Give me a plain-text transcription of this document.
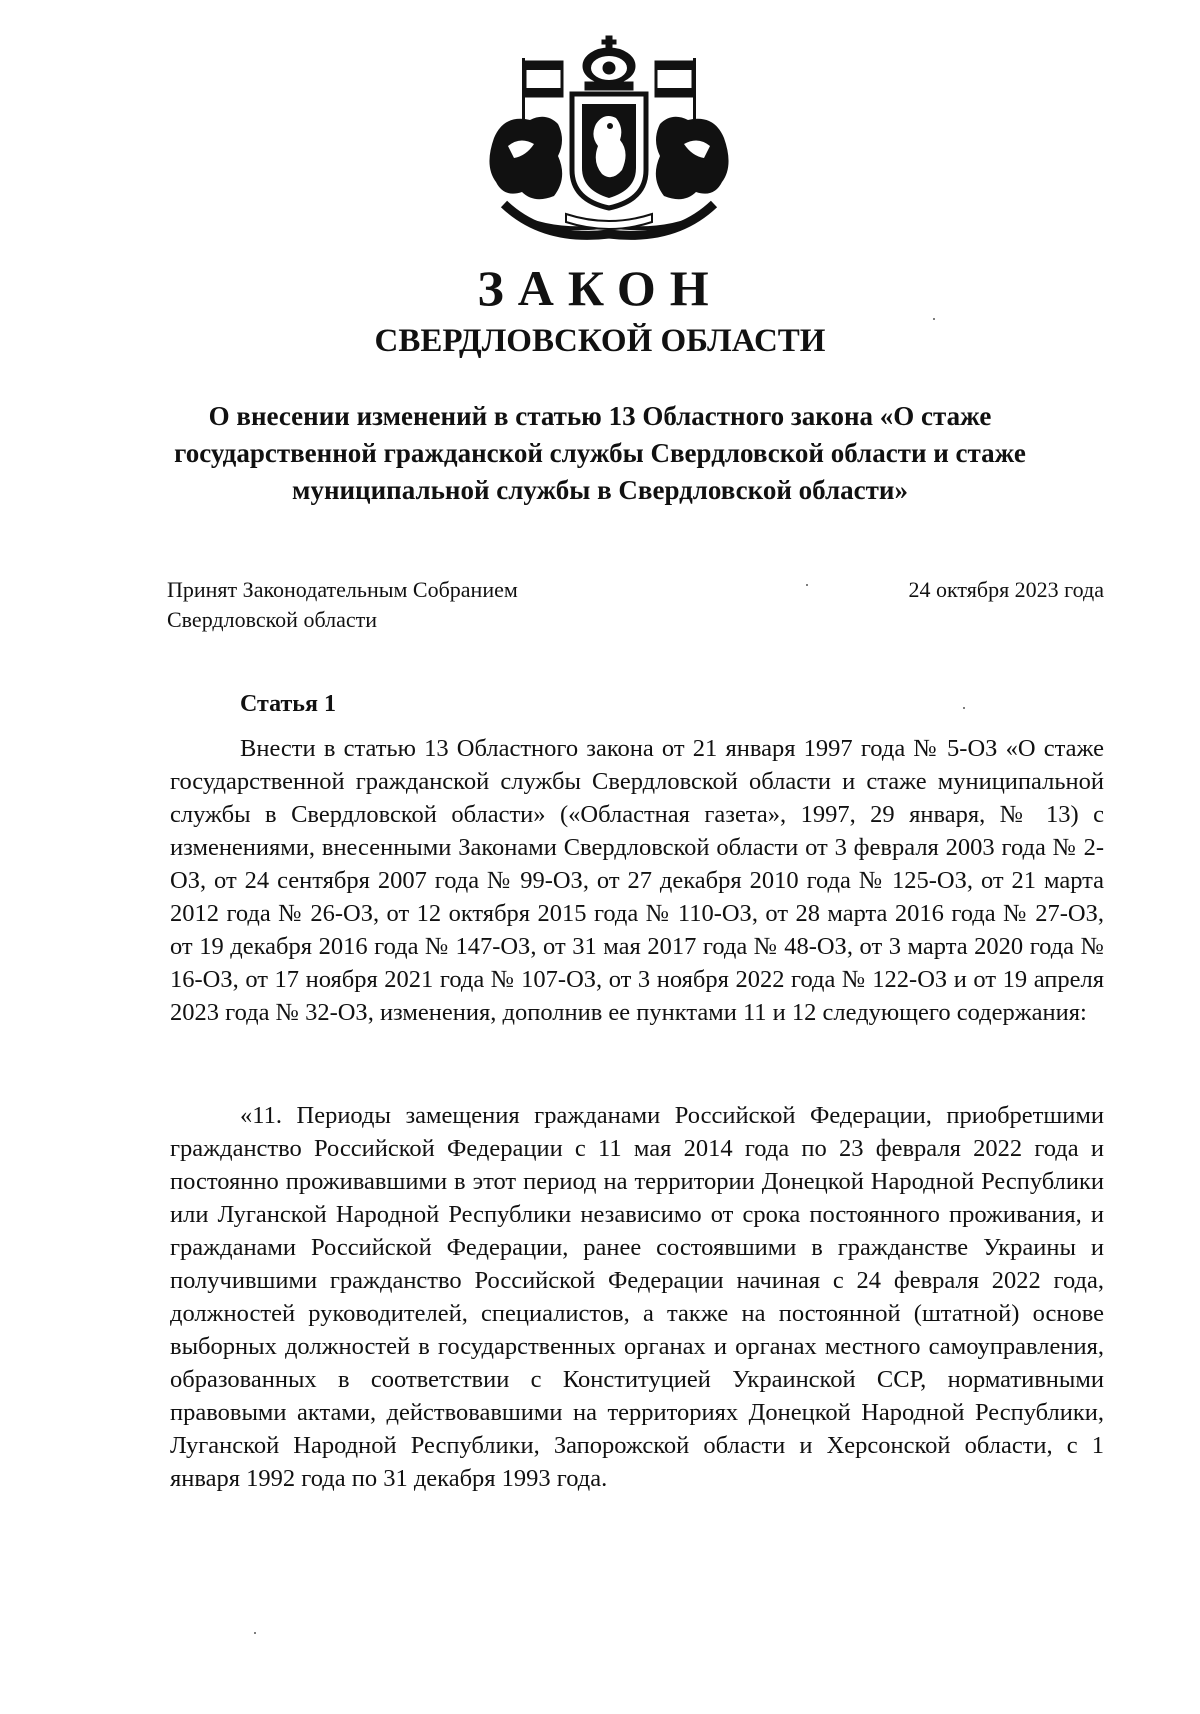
ЗАКОН
СВЕРДЛОВСКОЙ ОБЛАСТИ
О внесении изменений в статью 13 Областного закона «О стаже государственной гражданской службы Свердловской области и стаже муниципальной службы в Свердловской области»
Принят Законодательным Собранием
Свердловской области
24 октября 2023 года
Статья 1

Внести в статью 13 Областного закона от 21 января 1997 года № 5-ОЗ «О стаже государственной гражданской службы Свердловской области и стаже муниципальной службы в Свердловской области» («Областная газета», 1997, 29 января, № 13) с изменениями, внесенными Законами Свердловской области от 3 февраля 2003 года № 2-ОЗ, от 24 сентября 2007 года № 99-ОЗ, от 27 декабря 2010 года № 125-ОЗ, от 21 марта 2012 года № 26-ОЗ, от 12 октября 2015 года № 110-ОЗ, от 28 марта 2016 года № 27-ОЗ, от 19 декабря 2016 года № 147-ОЗ, от 31 мая 2017 года № 48-ОЗ, от 3 марта 2020 года № 16-ОЗ, от 17 ноября 2021 года № 107-ОЗ, от 3 ноября 2022 года № 122-ОЗ и от 19 апреля 2023 года № 32-ОЗ, изменения, дополнив ее пунктами 11 и 12 следующего содержания:

«11. Периоды замещения гражданами Российской Федерации, приобретшими гражданство Российской Федерации с 11 мая 2014 года по 23 февраля 2022 года и постоянно проживавшими в этот период на территории Донецкой Народной Республики или Луганской Народной Республики независимо от срока постоянного проживания, и гражданами Российской Федерации, ранее состоявшими в гражданстве Украины и получившими гражданство Российской Федерации начиная с 24 февраля 2022 года, должностей руководителей, специалистов, а также на постоянной (штатной) основе выборных должностей в государственных органах и органах местного самоуправления, образованных в соответствии с Конституцией Украинской ССР, нормативными правовыми актами, действовавшими на территориях Донецкой Народной Республики, Луганской Народной Республики, Запорожской области и Херсонской области, с 1 января 1992 года по 31 декабря 1993 года.
